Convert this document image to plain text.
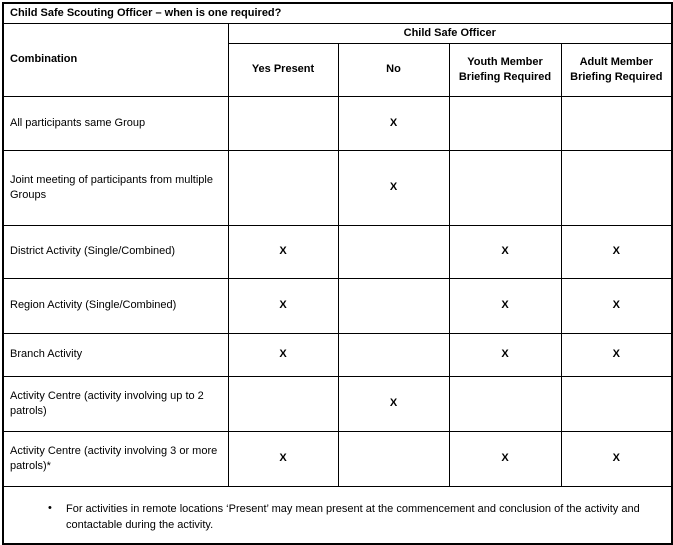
Child Safe Scouting Officer – when is one required?				
Combination	Child Safe Officer			
	Yes Present	No	Youth Member Briefing Required	Adult Member Briefing Required
All participants same Group		X		
Joint meeting of participants from multiple Groups		X		
District Activity (Single/Combined)	X		X	X
Region Activity (Single/Combined)	X		X	X
Branch Activity	X		X	X
Activity Centre (activity involving up to 2 patrols)		X		
Activity Centre (activity involving 3 or more patrols)*	X		X	X

• For activities in remote locations ‘Present’ may mean present at the commencement and conclusion of the activity and contactable during the activity.				
